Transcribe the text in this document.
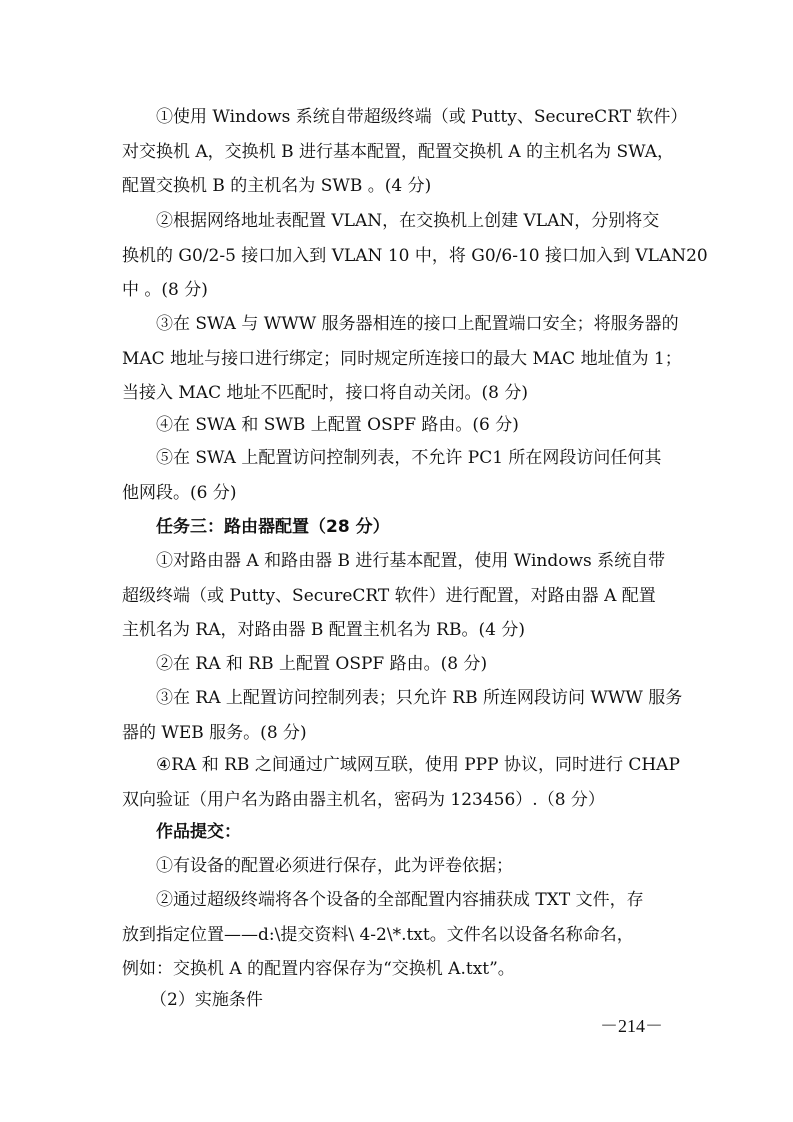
①使用 Windows 系统自带超级终端（或 Putty、SecureCRT 软件）
对交换机 A，交换机 B 进行基本配置，配置交换机 A 的主机名为 SWA，
配置交换机 B 的主机名为 SWB 。(4 分)
②根据网络地址表配置 VLAN，在交换机上创建 VLAN，分别将交
换机的 G0/2-5 接口加入到 VLAN 10 中，将 G0/6-10 接口加入到 VLAN20
中 。(8 分)
③在 SWA 与 WWW 服务器相连的接口上配置端口安全；将服务器的
MAC 地址与接口进行绑定；同时规定所连接口的最大 MAC 地址值为 1；
当接入 MAC 地址不匹配时，接口将自动关闭。(8 分)
④在 SWA 和 SWB 上配置 OSPF 路由。(6 分)
⑤在 SWA 上配置访问控制列表，不允许 PC1 所在网段访问任何其
他网段。(6 分)
任务三：路由器配置（28 分）
①对路由器 A 和路由器 B 进行基本配置，使用 Windows 系统自带
超级终端（或 Putty、SecureCRT 软件）进行配置，对路由器 A 配置
主机名为 RA，对路由器 B 配置主机名为 RB。(4 分)
②在 RA 和 RB 上配置 OSPF 路由。(8 分)
③在 RA 上配置访问控制列表；只允许 RB 所连网段访问 WWW 服务
器的 WEB 服务。(8 分)
④RA 和 RB 之间通过广域网互联，使用 PPP 协议，同时进行 CHAP
双向验证（用户名为路由器主机名，密码为 123456）.（8 分）
作品提交：
①有设备的配置必须进行保存，此为评卷依据；
②通过超级终端将各个设备的全部配置内容捕获成 TXT 文件，存
放到指定位置——d:\提交资料\ 4-2\*.txt。文件名以设备名称命名，
例如：交换机 A 的配置内容保存为“交换机 A.txt”。
（2）实施条件
－214－
